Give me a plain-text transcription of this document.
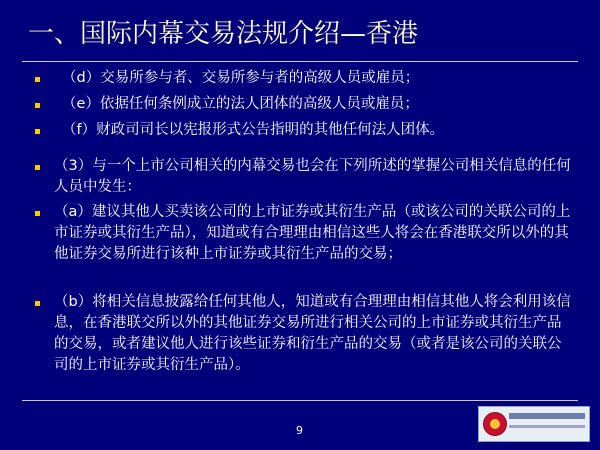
一、国际内幕交易法规介绍—香港
（d）交易所参与者、交易所参与者的高级人员或雇员；
（e）依据任何条例成立的法人团体的高级人员或雇员；
（f）财政司司长以宪报形式公告指明的其他任何法人团体。
（3）与一个上市公司相关的内幕交易也会在下列所述的掌握公司相关信息的任何人员中发生：
（a）建议其他人买卖该公司的上市证券或其衍生产品（或该公司的关联公司的上市证券或其衍生产品），知道或有合理理由相信这些人将会在香港联交所以外的其他证券交易所进行该种上市证券或其衍生产品的交易；
（b）将相关信息披露给任何其他人，知道或有合理理由相信其他人将会利用该信息，在香港联交所以外的其他证券交易所进行相关公司的上市证券或其衍生产品的交易，或者建议他人进行该些证券和衍生产品的交易（或者是该公司的关联公司的上市证券或其衍生产品）。
9
